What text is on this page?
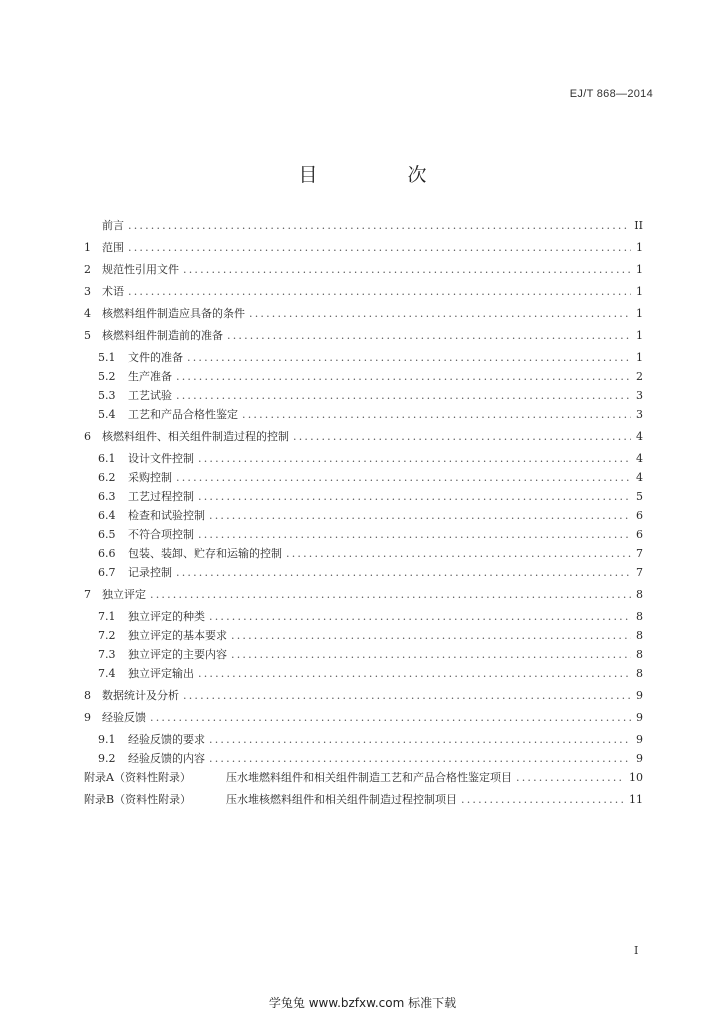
EJ/T 868—2014
目 次
前言 .....	II
1	范围 .....	1
2	规范性引用文件 .....	1
3	术语 .....	1
4	核燃料组件制造应具备的条件 .....	1
5	核燃料组件制造前的准备 .....	1
5.1	文件的准备 .....	1
5.2	生产准备 .....	2
5.3	工艺试验 .....	3
5.4	工艺和产品合格性鉴定 .....	3
6	核燃料组件、相关组件制造过程的控制 .....	4
6.1	设计文件控制 .....	4
6.2	采购控制 .....	4
6.3	工艺过程控制 .....	5
6.4	检查和试验控制 .....	6
6.5	不符合项控制 .....	6
6.6	包装、装卸、贮存和运输的控制 .....	7
6.7	记录控制 .....	7
7	独立评定 .....	8
7.1	独立评定的种类 .....	8
7.2	独立评定的基本要求 .....	8
7.3	独立评定的主要内容 .....	8
7.4	独立评定输出 .....	8
8	数据统计及分析 .....	9
9	经验反馈 .....	9
9.1	经验反馈的要求 .....	9
9.2	经验反馈的内容 .....	9
附录A（资料性附录）	压水堆燃料组件和相关组件制造工艺和产品合格性鉴定项目 .....	10
附录B（资料性附录）	压水堆核燃料组件和相关组件制造过程控制项目 .....	11
I
学兔兔 www.bzfxw.com 标准下载
